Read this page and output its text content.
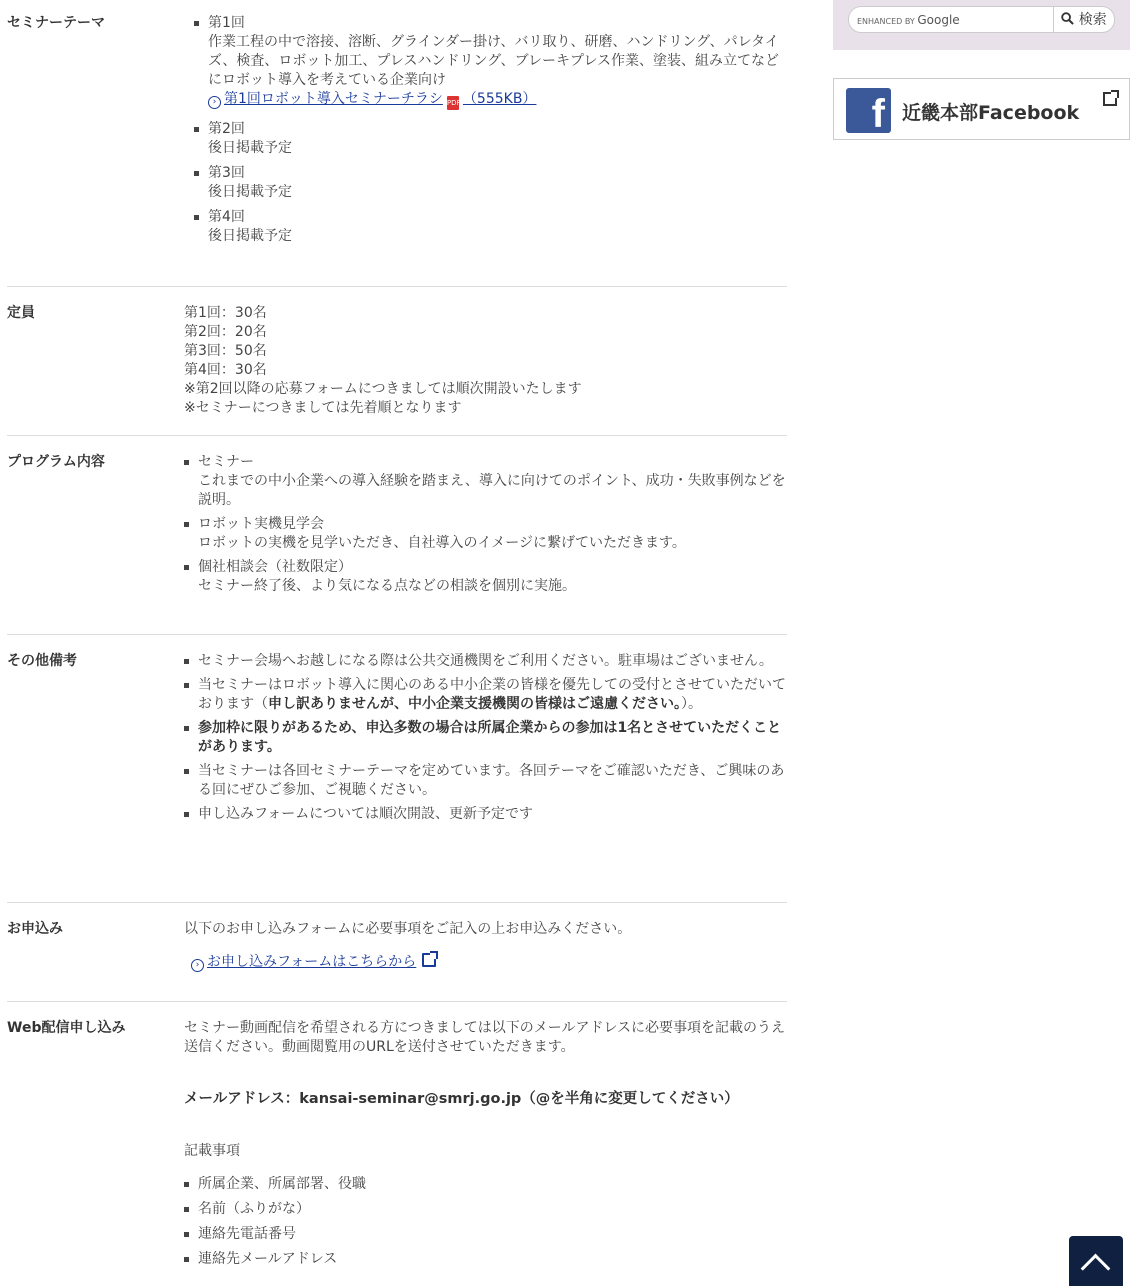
セミナーテーマ	第1回
作業工程の中で溶接、溶断、グラインダー掛け、バリ取り、研磨、ハンドリング、パレタイズ、検査、ロボット加工、プレスハンドリング、ブレーキプレス作業、塗装、組み立てなどにロボット導入を考えている企業向け
› 第1回ロボット導入セミナーチラシ PDF （555KB）
第2回
後日掲載予定
第3回
後日掲載予定
第4回
後日掲載予定
定員	第1回：30名
第2回：20名
第3回：50名
第4回：30名
※第2回以降の応募フォームにつきましては順次開設いたします
※セミナーにつきましては先着順となります
プログラム内容	セミナー
これまでの中小企業への導入経験を踏まえ、導入に向けてのポイント、成功・失敗事例などを説明。
ロボット実機見学会
ロボットの実機を見学いただき、自社導入のイメージに繋げていただきます。
個社相談会（社数限定）
セミナー終了後、より気になる点などの相談を個別に実施。
その他備考	セミナー会場へお越しになる際は公共交通機関をご利用ください。駐車場はございません。
当セミナーはロボット導入に関心のある中小企業の皆様を優先しての受付とさせていただいております（申し訳ありませんが、中小企業支援機関の皆様はご遠慮ください。）。
参加枠に限りがあるため、申込多数の場合は所属企業からの参加は1名とさせていただくことがあります。
当セミナーは各回セミナーテーマを定めています。各回テーマをご確認いただき、ご興味のある回にぜひご参加、ご視聴ください。
申し込みフォームについては順次開設、更新予定です
お申込み	以下のお申し込みフォームに必要事項をご記入の上お申込みください。
› お申し込みフォームはこちらから
Web配信申し込み	セミナー動画配信を希望される方につきましては以下のメールアドレスに必要事項を記載のうえ送信ください。動画閲覧用のURLを送付させていただきます。
メールアドレス：kansai-seminar@smrj.go.jp（@を半角に変更してください）
記載事項
所属企業、所属部署、役職
名前（ふりがな）
連絡先電話番号
連絡先メールアドレス
ENHANCED BY Google	検索
f 近畿本部Facebook
